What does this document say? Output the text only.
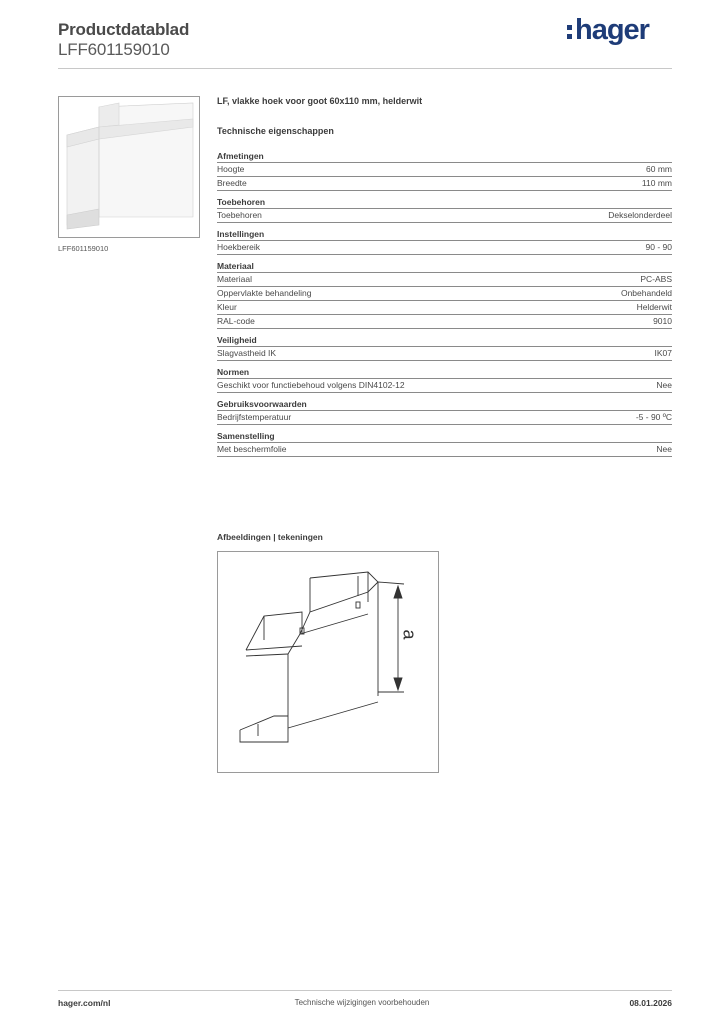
Productdatablad
LFF601159010
hager
LFF601159010
LF, vlakke hoek voor goot 60x110 mm, helderwit
Technische eigenschappen
Afmetingen
Hoogte	60 mm
Breedte	110 mm
Toebehoren
Toebehoren	Dekselonderdeel
Instellingen
Hoekbereik	90 - 90
Materiaal
Materiaal	PC-ABS
Oppervlakte behandeling	Onbehandeld
Kleur	Helderwit
RAL-code	9010
Veiligheid
Slagvastheid IK	IK07
Normen
Geschikt voor functiebehoud volgens DIN4102-12	Nee
Gebruiksvoorwaarden
Bedrijfstemperatuur	-5 - 90 ºC
Samenstelling
Met beschermfolie	Nee
Afbeeldingen | tekeningen
a
hager.com/nl	Technische wijzigingen voorbehouden	08.01.2026
